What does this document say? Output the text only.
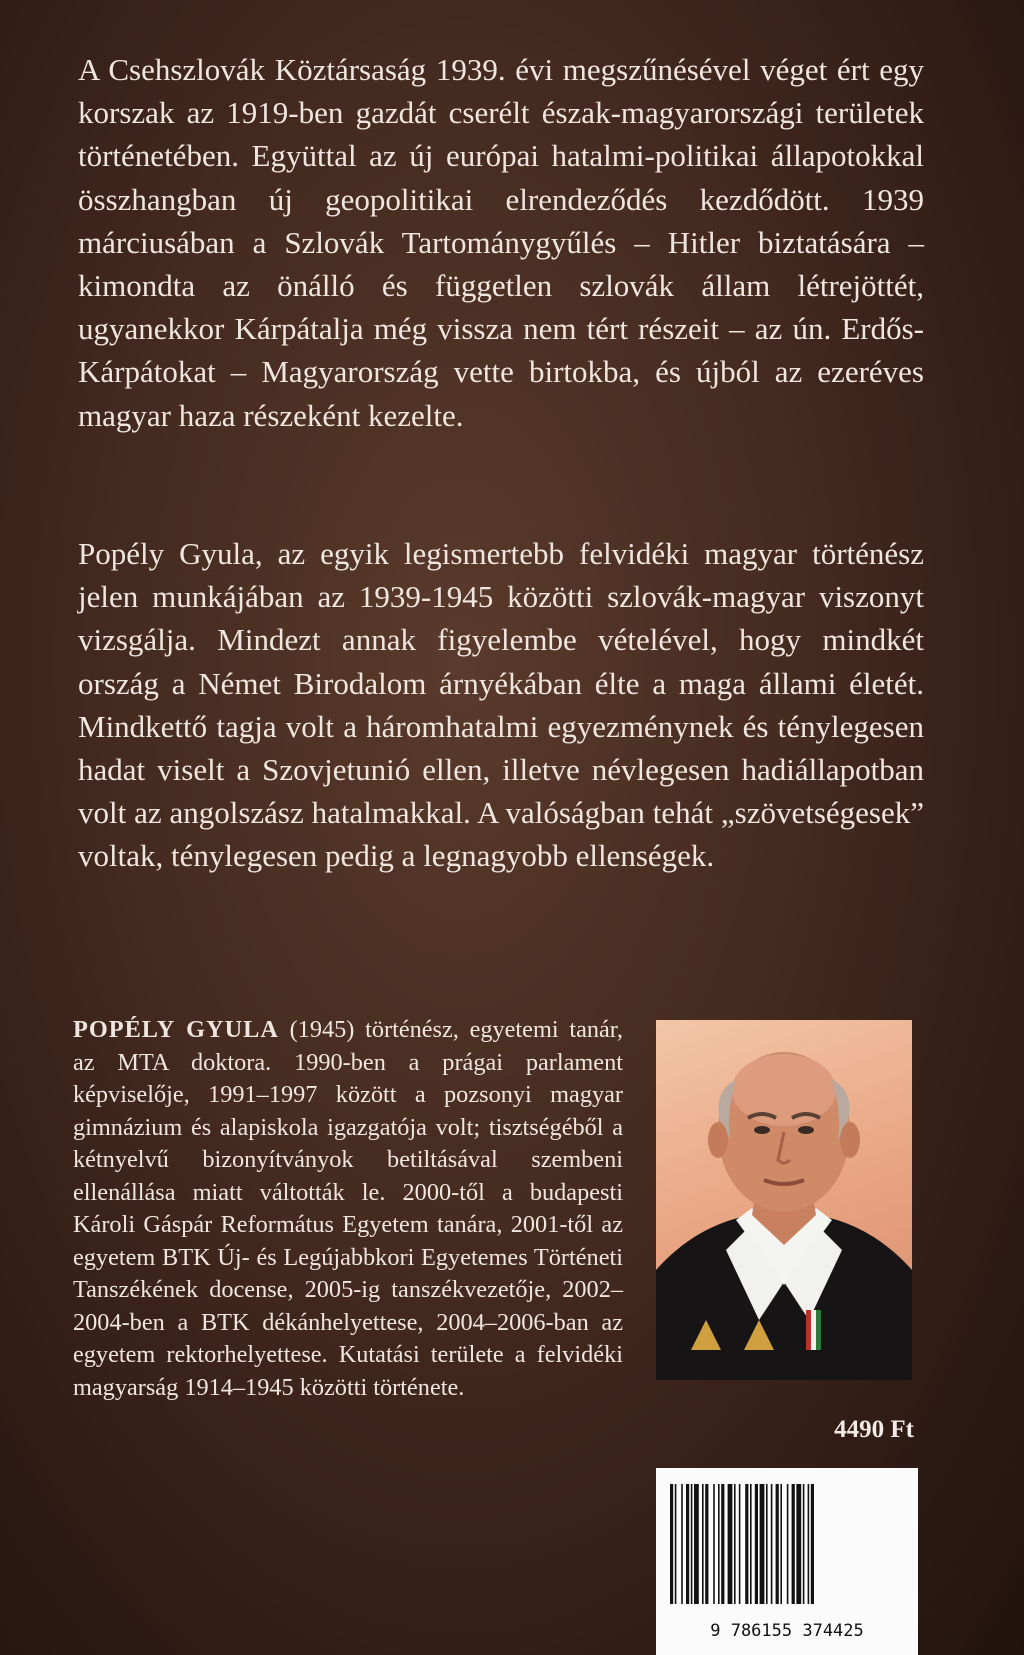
A Csehszlovák Köztársaság 1939. évi megszűnésével véget ért egy korszak az 1919-ben gazdát cserélt észak-magyarországi területek történetében. Együttal az új európai hatalmi-politikai állapotokkal összhangban új geopolitikai elrendeződés kezdődött. 1939 márciusában a Szlovák Tartománygyűlés – Hitler biztatására – kimondta az önálló és független szlovák állam létrejöttét, ugyanekkor Kárpátalja még vissza nem tért részeit – az ún. Erdős-Kárpátokat – Magyarország vette birtokba, és újból az ezeréves magyar haza részeként kezelte.
Popély Gyula, az egyik legismertebb felvidéki magyar történész jelen munkájában az 1939-1945 közötti szlovák-magyar viszonyt vizsgálja. Mindezt annak figyelembe vételével, hogy mindkét ország a Német Birodalom árnyékában élte a maga állami életét. Mindkettő tagja volt a háromhatalmi egyezménynek és ténylegesen hadat viselt a Szovjetunió ellen, illetve névlegesen hadiállapotban volt az angolszász hatalmakkal. A valóságban tehát „szövetségesek” voltak, ténylegesen pedig a legnagyobb ellenségek.
POPÉLY GYULA (1945) történész, egyetemi tanár, az MTA doktora. 1990-ben a prágai parlament képviselője, 1991–1997 között a pozsonyi magyar gimnázium és alapiskola igazgatója volt; tisztségéből a kétnyelvű bizonyítványok betiltásával szembeni ellenállása miatt váltották le. 2000-től a budapesti Károli Gáspár Református Egyetem tanára, 2001-től az egyetem BTK Új- és Legújabbkori Egyetemes Történeti Tanszékének docense, 2005-ig tanszékvezetője, 2002–2004-ben a BTK dékánhelyettese, 2004–2006-ban az egyetem rektorhelyettese. Kutatási területe a felvidéki magyarság 1914–1945 közötti története.
4490 Ft
9 786155 374425
